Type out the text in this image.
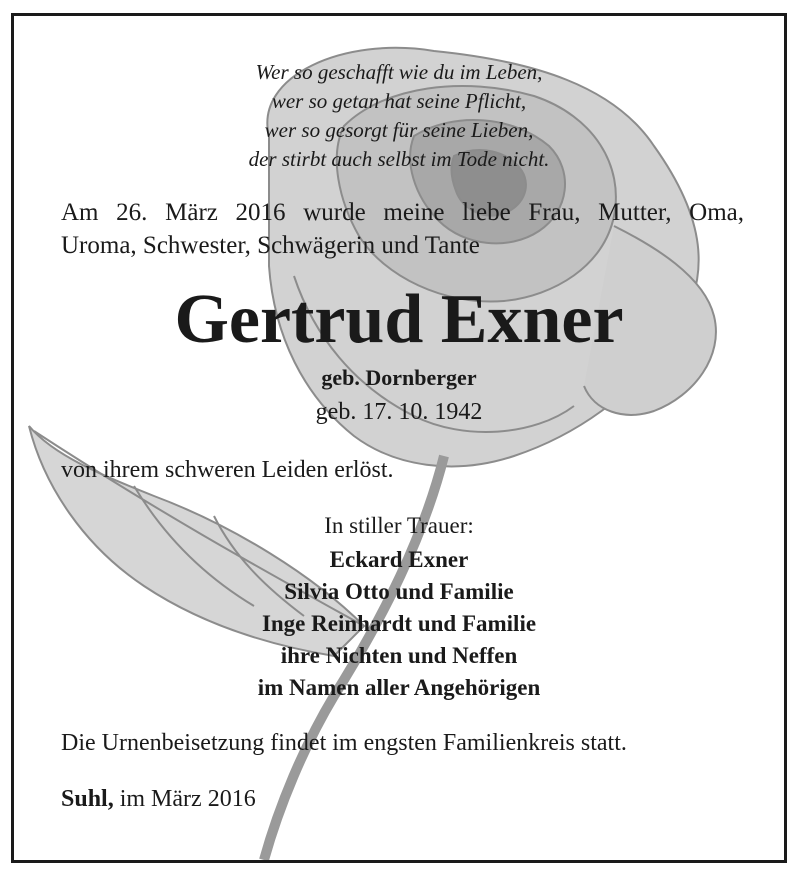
Wer so geschafft wie du im Leben,
wer so getan hat seine Pflicht,
wer so gesorgt für seine Lieben,
der stirbt auch selbst im Tode nicht.
Am 26. März 2016 wurde meine liebe Frau, Mutter, Oma,
Uroma, Schwester, Schwägerin und Tante
Gertrud Exner
geb. Dornberger
geb. 17. 10. 1942
von ihrem schweren Leiden erlöst.
In stiller Trauer:
Eckard Exner
Silvia Otto und Familie
Inge Reinhardt und Familie
ihre Nichten und Neffen
im Namen aller Angehörigen
Die Urnenbeisetzung findet im engsten Familienkreis statt.
Suhl, im März 2016
